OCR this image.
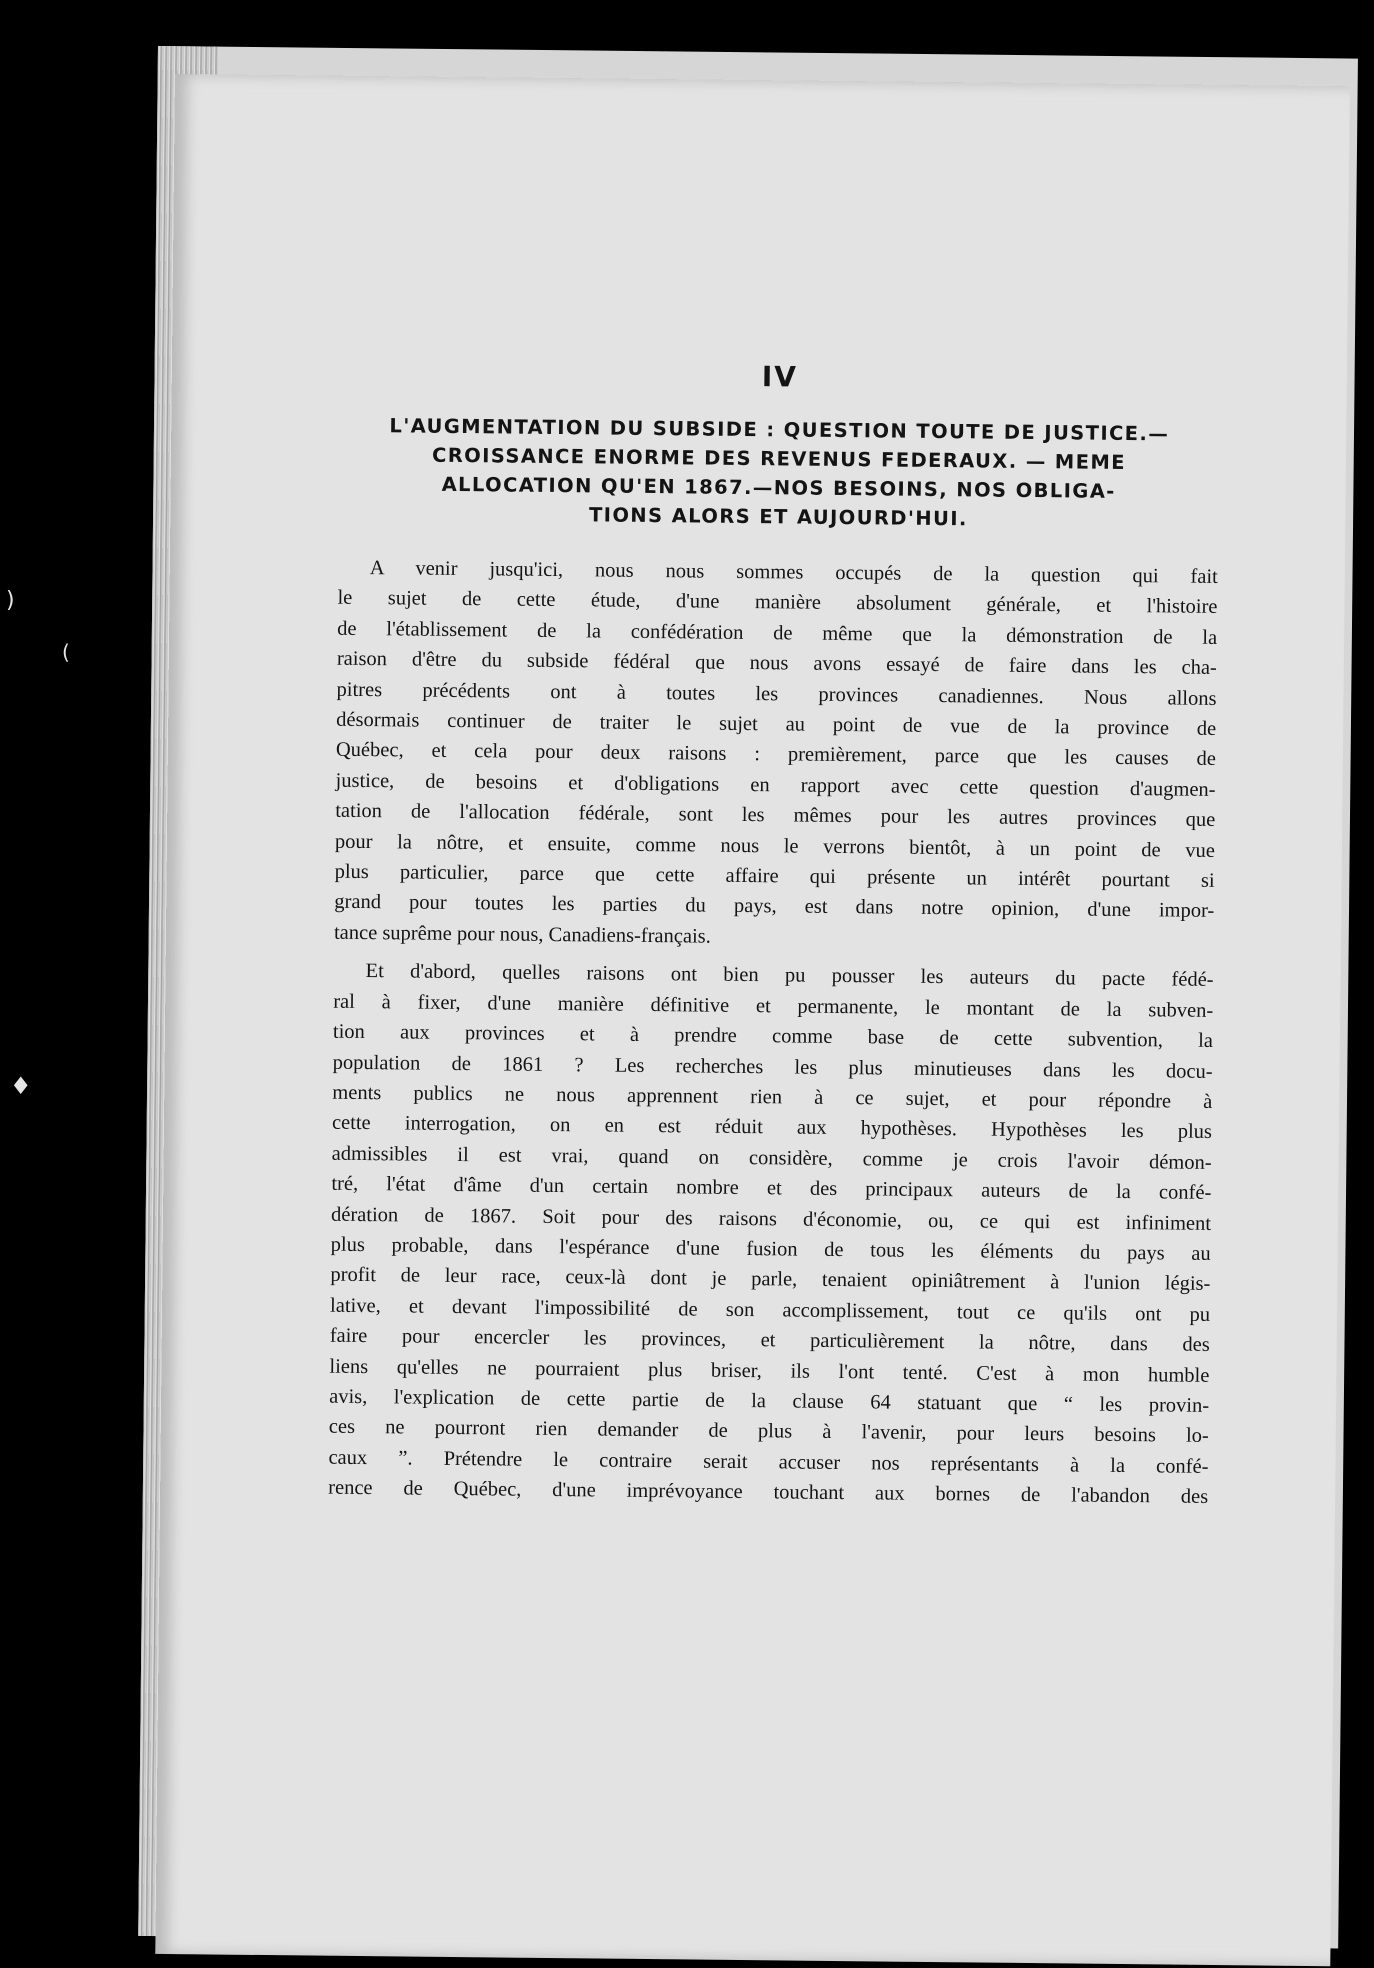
)
(
♦
IV
L'AUGMENTATION DU SUBSIDE : QUESTION TOUTE DE JUSTICE.—
CROISSANCE ENORME DES REVENUS FEDERAUX. — MEME
ALLOCATION QU'EN 1867.—NOS BESOINS, NOS OBLIGA-
TIONS ALORS ET AUJOURD'HUI.
A venir jusqu'ici, nous nous sommes occupés de la question qui fait
le sujet de cette étude, d'une manière absolument générale, et l'histoire
de l'établissement de la confédération de même que la démonstration de la
raison d'être du subside fédéral que nous avons essayé de faire dans les cha-
pitres précédents ont à toutes les provinces canadiennes. Nous allons
désormais continuer de traiter le sujet au point de vue de la province de
Québec, et cela pour deux raisons : premièrement, parce que les causes de
justice, de besoins et d'obligations en rapport avec cette question d'augmen-
tation de l'allocation fédérale, sont les mêmes pour les autres provinces que
pour la nôtre, et ensuite, comme nous le verrons bientôt, à un point de vue
plus particulier, parce que cette affaire qui présente un intérêt pourtant si
grand pour toutes les parties du pays, est dans notre opinion, d'une impor-
tance suprême pour nous, Canadiens-français.
Et d'abord, quelles raisons ont bien pu pousser les auteurs du pacte fédé-
ral à fixer, d'une manière définitive et permanente, le montant de la subven-
tion aux provinces et à prendre comme base de cette subvention, la
population de 1861 ? Les recherches les plus minutieuses dans les docu-
ments publics ne nous apprennent rien à ce sujet, et pour répondre à
cette interrogation, on en est réduit aux hypothèses. Hypothèses les plus
admissibles il est vrai, quand on considère, comme je crois l'avoir démon-
tré, l'état d'âme d'un certain nombre et des principaux auteurs de la confé-
dération de 1867. Soit pour des raisons d'économie, ou, ce qui est infiniment
plus probable, dans l'espérance d'une fusion de tous les éléments du pays au
profit de leur race, ceux-là dont je parle, tenaient opiniâtrement à l'union légis-
lative, et devant l'impossibilité de son accomplissement, tout ce qu'ils ont pu
faire pour encercler les provinces, et particulièrement la nôtre, dans des
liens qu'elles ne pourraient plus briser, ils l'ont tenté. C'est à mon humble
avis, l'explication de cette partie de la clause 64 statuant que “ les provin-
ces ne pourront rien demander de plus à l'avenir, pour leurs besoins lo-
caux ”. Prétendre le contraire serait accuser nos représentants à la confé-
rence de Québec, d'une imprévoyance touchant aux bornes de l'abandon des
